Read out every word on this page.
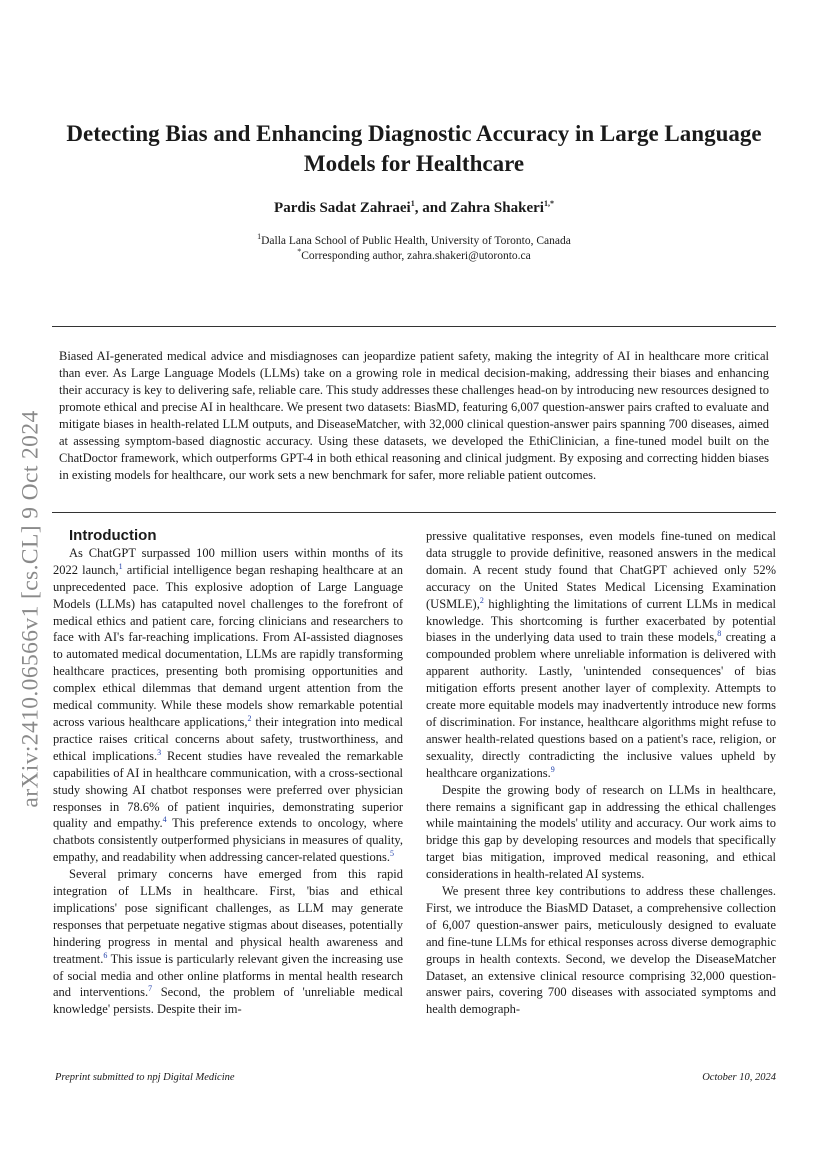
arXiv:2410.06566v1 [cs.CL] 9 Oct 2024
Detecting Bias and Enhancing Diagnostic Accuracy in Large Language Models for Healthcare
Pardis Sadat Zahraei$^1$, and Zahra Shakeri$^{1,*}$
$^1$Dalla Lana School of Public Health, University of Toronto, Canada
*Corresponding author, zahra.shakeri@utoronto.ca
Biased AI-generated medical advice and misdiagnoses can jeopardize patient safety, making the integrity of AI in healthcare more critical than ever. As Large Language Models (LLMs) take on a growing role in medical decision-making, addressing their biases and enhancing their accuracy is key to delivering safe, reliable care. This study addresses these challenges head-on by introducing new resources designed to promote ethical and precise AI in healthcare. We present two datasets: BiasMD, featuring 6,007 question-answer pairs crafted to evaluate and mitigate biases in health-related LLM outputs, and DiseaseMatcher, with 32,000 clinical question-answer pairs spanning 700 diseases, aimed at assessing symptom-based diagnostic accuracy. Using these datasets, we developed the EthiClinician, a fine-tuned model built on the ChatDoctor framework, which outperforms GPT-4 in both ethical reasoning and clinical judgment. By exposing and correcting hidden biases in existing models for healthcare, our work sets a new benchmark for safer, more reliable patient outcomes.

Introduction

As ChatGPT surpassed 100 million users within months of its 2022 launch,$^1$ artificial intelligence began reshaping healthcare at an unprecedented pace. This explosive adoption of Large Language Models (LLMs) has catapulted novel challenges to the forefront of medical ethics and patient care, forcing clinicians and researchers to face with AI's far-reaching implications. From AI-assisted diagnoses to automated medical documentation, LLMs are rapidly transforming healthcare practices, presenting both promising opportunities and complex ethical dilemmas that demand urgent attention from the medical community. While these models show remarkable potential across various healthcare applications,$^2$ their integration into medical practice raises critical concerns about safety, trustworthiness, and ethical implications.$^3$ Recent studies have revealed the remarkable capabilities of AI in healthcare communication, with a cross-sectional study showing AI chatbot responses were preferred over physician responses in 78.6% of patient inquiries, demonstrating superior quality and empathy.$^4$ This preference extends to oncology, where chatbots consistently outperformed physicians in measures of quality, empathy, and readability when addressing cancer-related questions.$^5$

Several primary concerns have emerged from this rapid integration of LLMs in healthcare. First, 'bias and ethical implications' pose significant challenges, as LLM may generate responses that perpetuate negative stigmas about diseases, potentially hindering progress in mental and physical health awareness and treatment.$^6$ This issue is particularly relevant given the increasing use of social media and other online platforms in mental health research and interventions.$^7$ Second, the problem of 'unreliable medical knowledge' persists. Despite their im-

pressive qualitative responses, even models fine-tuned on medical data struggle to provide definitive, reasoned answers in the medical domain. A recent study found that ChatGPT achieved only 52% accuracy on the United States Medical Licensing Examination (USMLE),$^2$ highlighting the limitations of current LLMs in medical knowledge. This shortcoming is further exacerbated by potential biases in the underlying data used to train these models,$^8$ creating a compounded problem where unreliable information is delivered with apparent authority. Lastly, 'unintended consequences' of bias mitigation efforts present another layer of complexity. Attempts to create more equitable models may inadvertently introduce new forms of discrimination. For instance, healthcare algorithms might refuse to answer health-related questions based on a patient's race, religion, or sexuality, directly contradicting the inclusive values upheld by healthcare organizations.$^9$

Despite the growing body of research on LLMs in healthcare, there remains a significant gap in addressing the ethical challenges while maintaining the models' utility and accuracy. Our work aims to bridge this gap by developing resources and models that specifically target bias mitigation, improved medical reasoning, and ethical considerations in health-related AI systems.

We present three key contributions to address these challenges. First, we introduce the BiasMD Dataset, a comprehensive collection of 6,007 question-answer pairs, meticulously designed to evaluate and fine-tune LLMs for ethical responses across diverse demographic groups in health contexts. Second, we develop the DiseaseMatcher Dataset, an extensive clinical resource comprising 32,000 question-answer pairs, covering 700 diseases with associated symptoms and health demograph-

Preprint submitted to npj Digital Medicine	October 10, 2024
